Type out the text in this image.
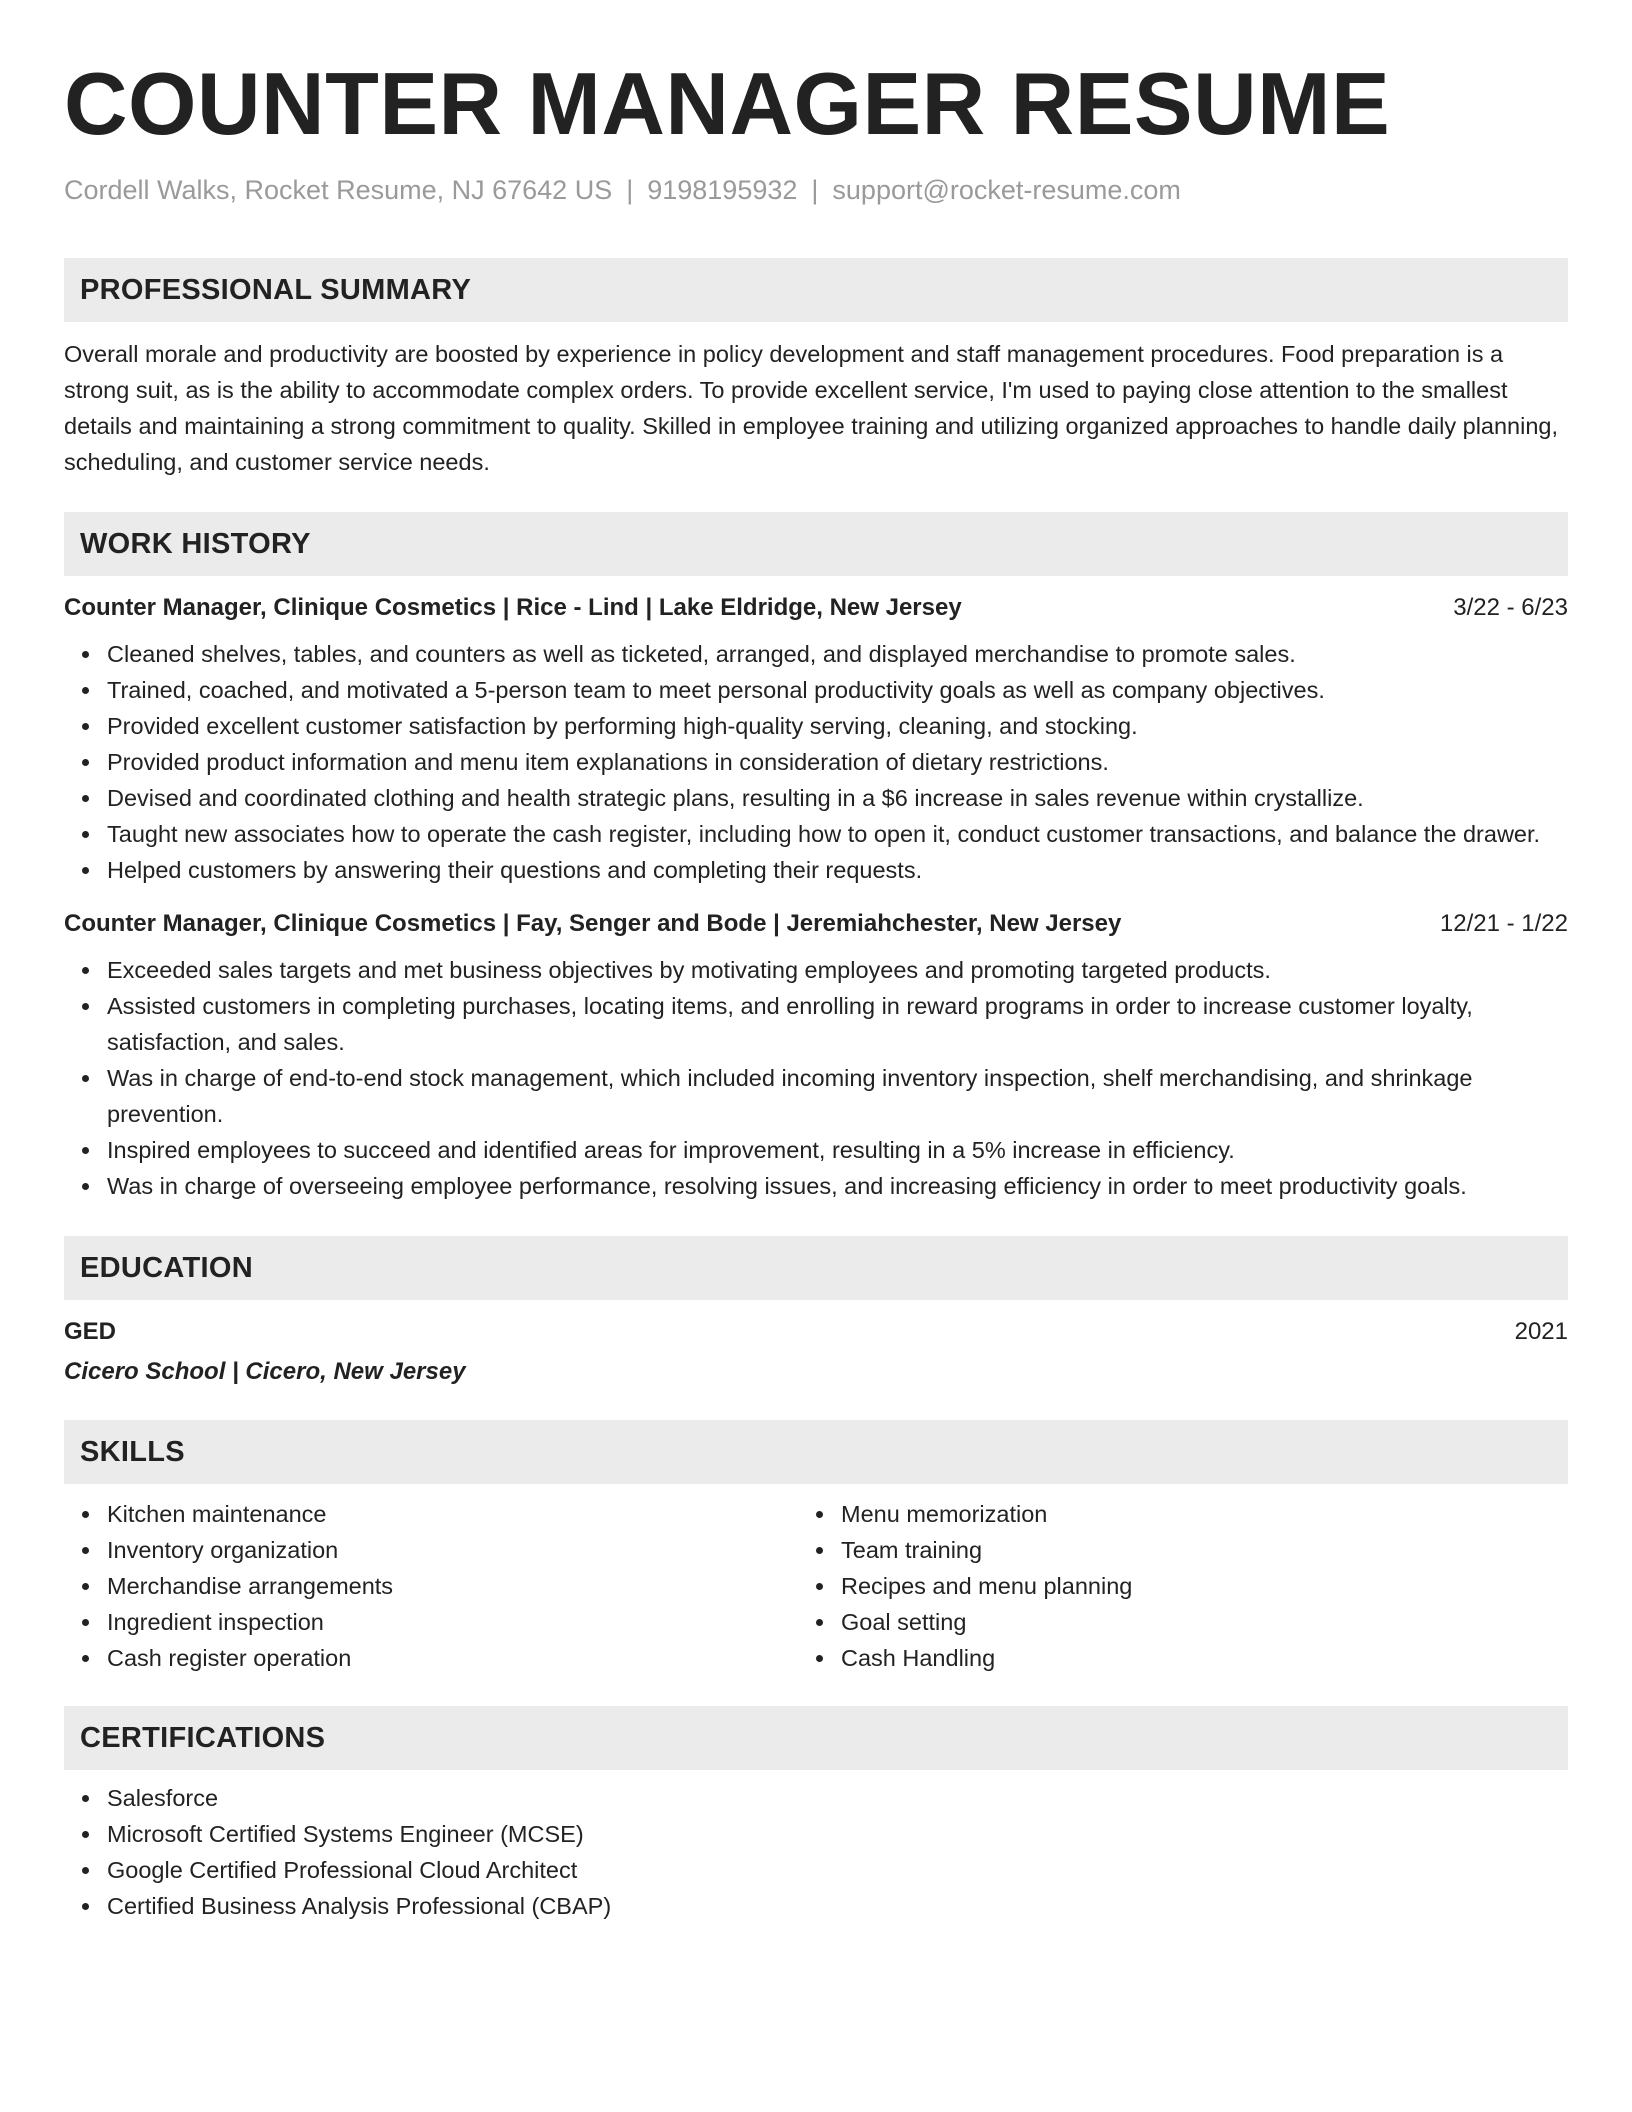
COUNTER MANAGER RESUME
Cordell Walks, Rocket Resume, NJ 67642 US | 9198195932 | support@rocket-resume.com
PROFESSIONAL SUMMARY
Overall morale and productivity are boosted by experience in policy development and staff management procedures. Food preparation is a strong suit, as is the ability to accommodate complex orders. To provide excellent service, I'm used to paying close attention to the smallest details and maintaining a strong commitment to quality. Skilled in employee training and utilizing organized approaches to handle daily planning, scheduling, and customer service needs.
WORK HISTORY
Counter Manager, Clinique Cosmetics | Rice - Lind | Lake Eldridge, New Jersey	3/22 - 6/23
Cleaned shelves, tables, and counters as well as ticketed, arranged, and displayed merchandise to promote sales.
Trained, coached, and motivated a 5-person team to meet personal productivity goals as well as company objectives.
Provided excellent customer satisfaction by performing high-quality serving, cleaning, and stocking.
Provided product information and menu item explanations in consideration of dietary restrictions.
Devised and coordinated clothing and health strategic plans, resulting in a $6 increase in sales revenue within crystallize.
Taught new associates how to operate the cash register, including how to open it, conduct customer transactions, and balance the drawer.
Helped customers by answering their questions and completing their requests.
Counter Manager, Clinique Cosmetics | Fay, Senger and Bode | Jeremiahchester, New Jersey	12/21 - 1/22
Exceeded sales targets and met business objectives by motivating employees and promoting targeted products.
Assisted customers in completing purchases, locating items, and enrolling in reward programs in order to increase customer loyalty, satisfaction, and sales.
Was in charge of end-to-end stock management, which included incoming inventory inspection, shelf merchandising, and shrinkage prevention.
Inspired employees to succeed and identified areas for improvement, resulting in a 5% increase in efficiency.
Was in charge of overseeing employee performance, resolving issues, and increasing efficiency in order to meet productivity goals.
EDUCATION
GED	2021
Cicero School | Cicero, New Jersey
SKILLS
Kitchen maintenance
Inventory organization
Merchandise arrangements
Ingredient inspection
Cash register operation
Menu memorization
Team training
Recipes and menu planning
Goal setting
Cash Handling
CERTIFICATIONS
Salesforce
Microsoft Certified Systems Engineer (MCSE)
Google Certified Professional Cloud Architect
Certified Business Analysis Professional (CBAP)
